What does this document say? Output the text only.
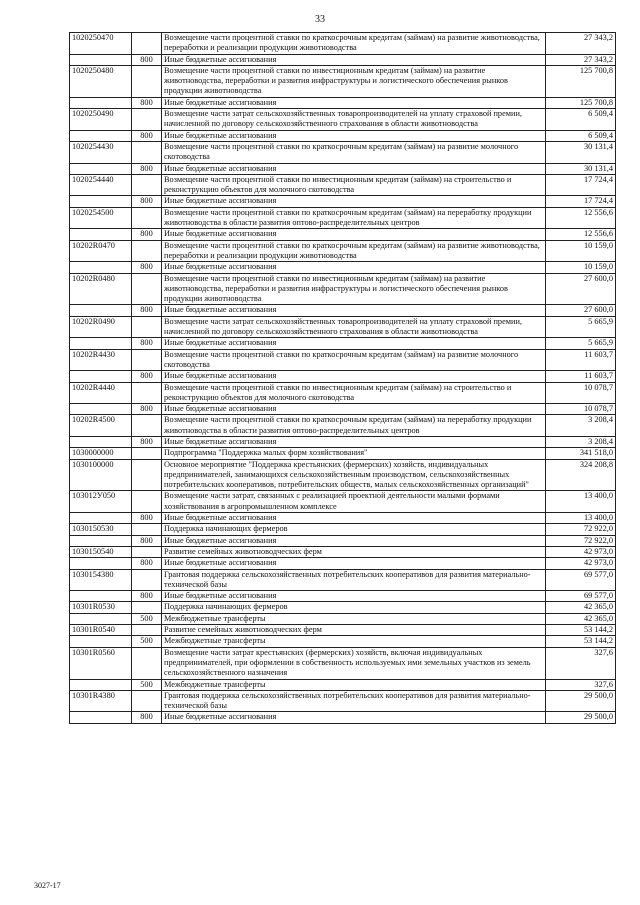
33
1020250470		Возмещение части процентной ставки по краткосрочным кредитам (займам) на развитие животноводства, переработки и реализации продукции животноводства	27 343,2
	800	Иные бюджетные ассигнования	27 343,2
1020250480		Возмещение части процентной ставки по инвестиционным кредитам (займам) на развитие животноводства, переработки и развития инфраструктуры и логистического обеспечения рынков продукции животноводства	125 700,8
	800	Иные бюджетные ассигнования	125 700,8
1020250490		Возмещение части затрат сельскохозяйственных товаропроизводителей на уплату страховой премии, начисленной по договору сельскохозяйственного страхования в области животноводства	6 509,4
	800	Иные бюджетные ассигнования	6 509,4
1020254430		Возмещение части процентной ставки по краткосрочным кредитам (займам) на развитие молочного скотоводства	30 131,4
	800	Иные бюджетные ассигнования	30 131,4
1020254440		Возмещение части процентной ставки по инвестиционным кредитам (займам) на строительство и реконструкцию объектов для молочного скотоводства	17 724,4
	800	Иные бюджетные ассигнования	17 724,4
1020254500		Возмещение части процентной ставки по краткосрочным кредитам (займам) на переработку продукции животноводства в области развития оптово-распределительных центров	12 556,6
	800	Иные бюджетные ассигнования	12 556,6
10202R0470		Возмещение части процентной ставки по краткосрочным кредитам (займам) на развитие животноводства, переработки и реализации продукции животноводства	10 159,0
	800	Иные бюджетные ассигнования	10 159,0
10202R0480		Возмещение части процентной ставки по инвестиционным кредитам (займам) на развитие животноводства, переработки и развития инфраструктуры и логистического обеспечения рынков продукции животноводства	27 600,0
	800	Иные бюджетные ассигнования	27 600,0
10202R0490		Возмещение части затрат сельскохозяйственных товаропроизводителей на уплату страховой премии, начисленной по договору сельскохозяйственного страхования в области животноводства	5 665,9
	800	Иные бюджетные ассигнования	5 665,9
10202R4430		Возмещение части процентной ставки по краткосрочным кредитам (займам) на развитие молочного скотоводства	11 603,7
	800	Иные бюджетные ассигнования	11 603,7
10202R4440		Возмещение части процентной ставки по инвестиционным кредитам (займам) на строительство и реконструкцию объектов для молочного скотоводства	10 078,7
	800	Иные бюджетные ассигнования	10 078,7
10202R4500		Возмещение части процентной ставки по краткосрочным кредитам (займам) на переработку продукции животноводства в области развития оптово-распределительных центров	3 208,4
	800	Иные бюджетные ассигнования	3 208,4
1030000000		Подпрограмма "Поддержка малых форм хозяйствования"	341 518,0
1030100000		Основное мероприятие "Поддержка крестьянских (фермерских) хозяйств, индивидуальных предпринимателей, занимающихся сельскохозяйственным производством, сельскохозяйственных потребительских кооперативов, потребительских обществ, малых сельскохозяйственных организаций"	324 208,8
103012У050		Возмещение части затрат, связанных с реализацией проектной деятельности малыми формами хозяйствования в агропромышленном комплексе	13 400,0
	800	Иные бюджетные ассигнования	13 400,0
1030150530		Поддержка начинающих фермеров	72 922,0
	800	Иные бюджетные ассигнования	72 922,0
1030150540		Развитие семейных животноводческих ферм	42 973,0
	800	Иные бюджетные ассигнования	42 973,0
1030154380		Грантовая поддержка сельскохозяйственных потребительских кооперативов для развития материально-технической базы	69 577,0
	800	Иные бюджетные ассигнования	69 577,0
10301R0530		Поддержка начинающих фермеров	42 365,0
	500	Межбюджетные трансферты	42 365,0
10301R0540		Развитие семейных животноводческих ферм	53 144,2
	500	Межбюджетные трансферты	53 144,2
10301R0560		Возмещение части затрат крестьянских (фермерских) хозяйств, включая индивидуальных предпринимателей, при оформлении в собственность используемых ими земельных участков из земель сельскохозяйственного назначения	327,6
	500	Межбюджетные трансферты	327,6
10301R4380		Грантовая поддержка сельскохозяйственных потребительских кооперативов для развития материально-технической базы	29 500,0
	800	Иные бюджетные ассигнования	29 500,0
3027-17
